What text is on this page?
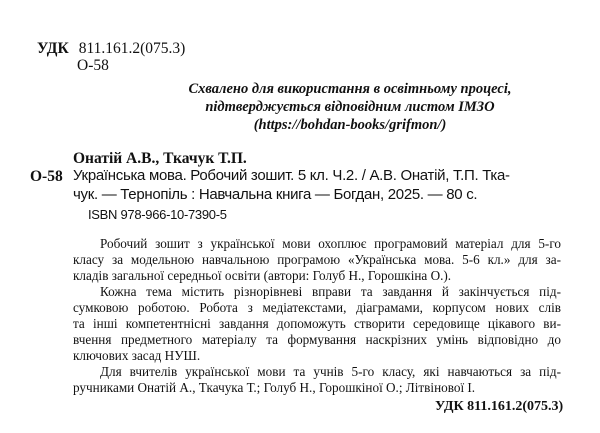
УДК 811.161.2(075.3)
О-58
Схвалено для використання в освітньому процесі,
підтверджується відповідним листом ІМЗО
(https://bohdan-books/grifmon/)
Онатій А.В., Ткачук Т.П.
О-58 Українська мова. Робочий зошит. 5 кл. Ч.2. / А.В. Онатій, Т.П. Тка-
чук. — Тернопіль : Навчальна книга — Богдан, 2025. — 80 с.
ISBN 978-966-10-7390-5
Робочий зошит з української мови охоплює програмовий матеріал для 5-го
класу за модельною навчальною програмою «Українська мова. 5-6 кл.» для за-
кладів загальної середньої освіти (автори: Голуб Н., Горошкіна О.).
Кожна тема містить різнорівневі вправи та завдання й закінчується під-
сумковою роботою. Робота з медіатекстами, діаграмами, корпусом нових слів
та інші компетентнісні завдання допоможуть створити середовище цікавого ви-
вчення предметного матеріалу та формування наскрізних умінь відповідно до
ключових засад НУШ.
Для вчителів української мови та учнів 5-го класу, які навчаються за під-
ручниками Онатій А., Ткачука Т.; Голуб Н., Горошкіної О.; Літвінової І.
УДК 811.161.2(075.3)
